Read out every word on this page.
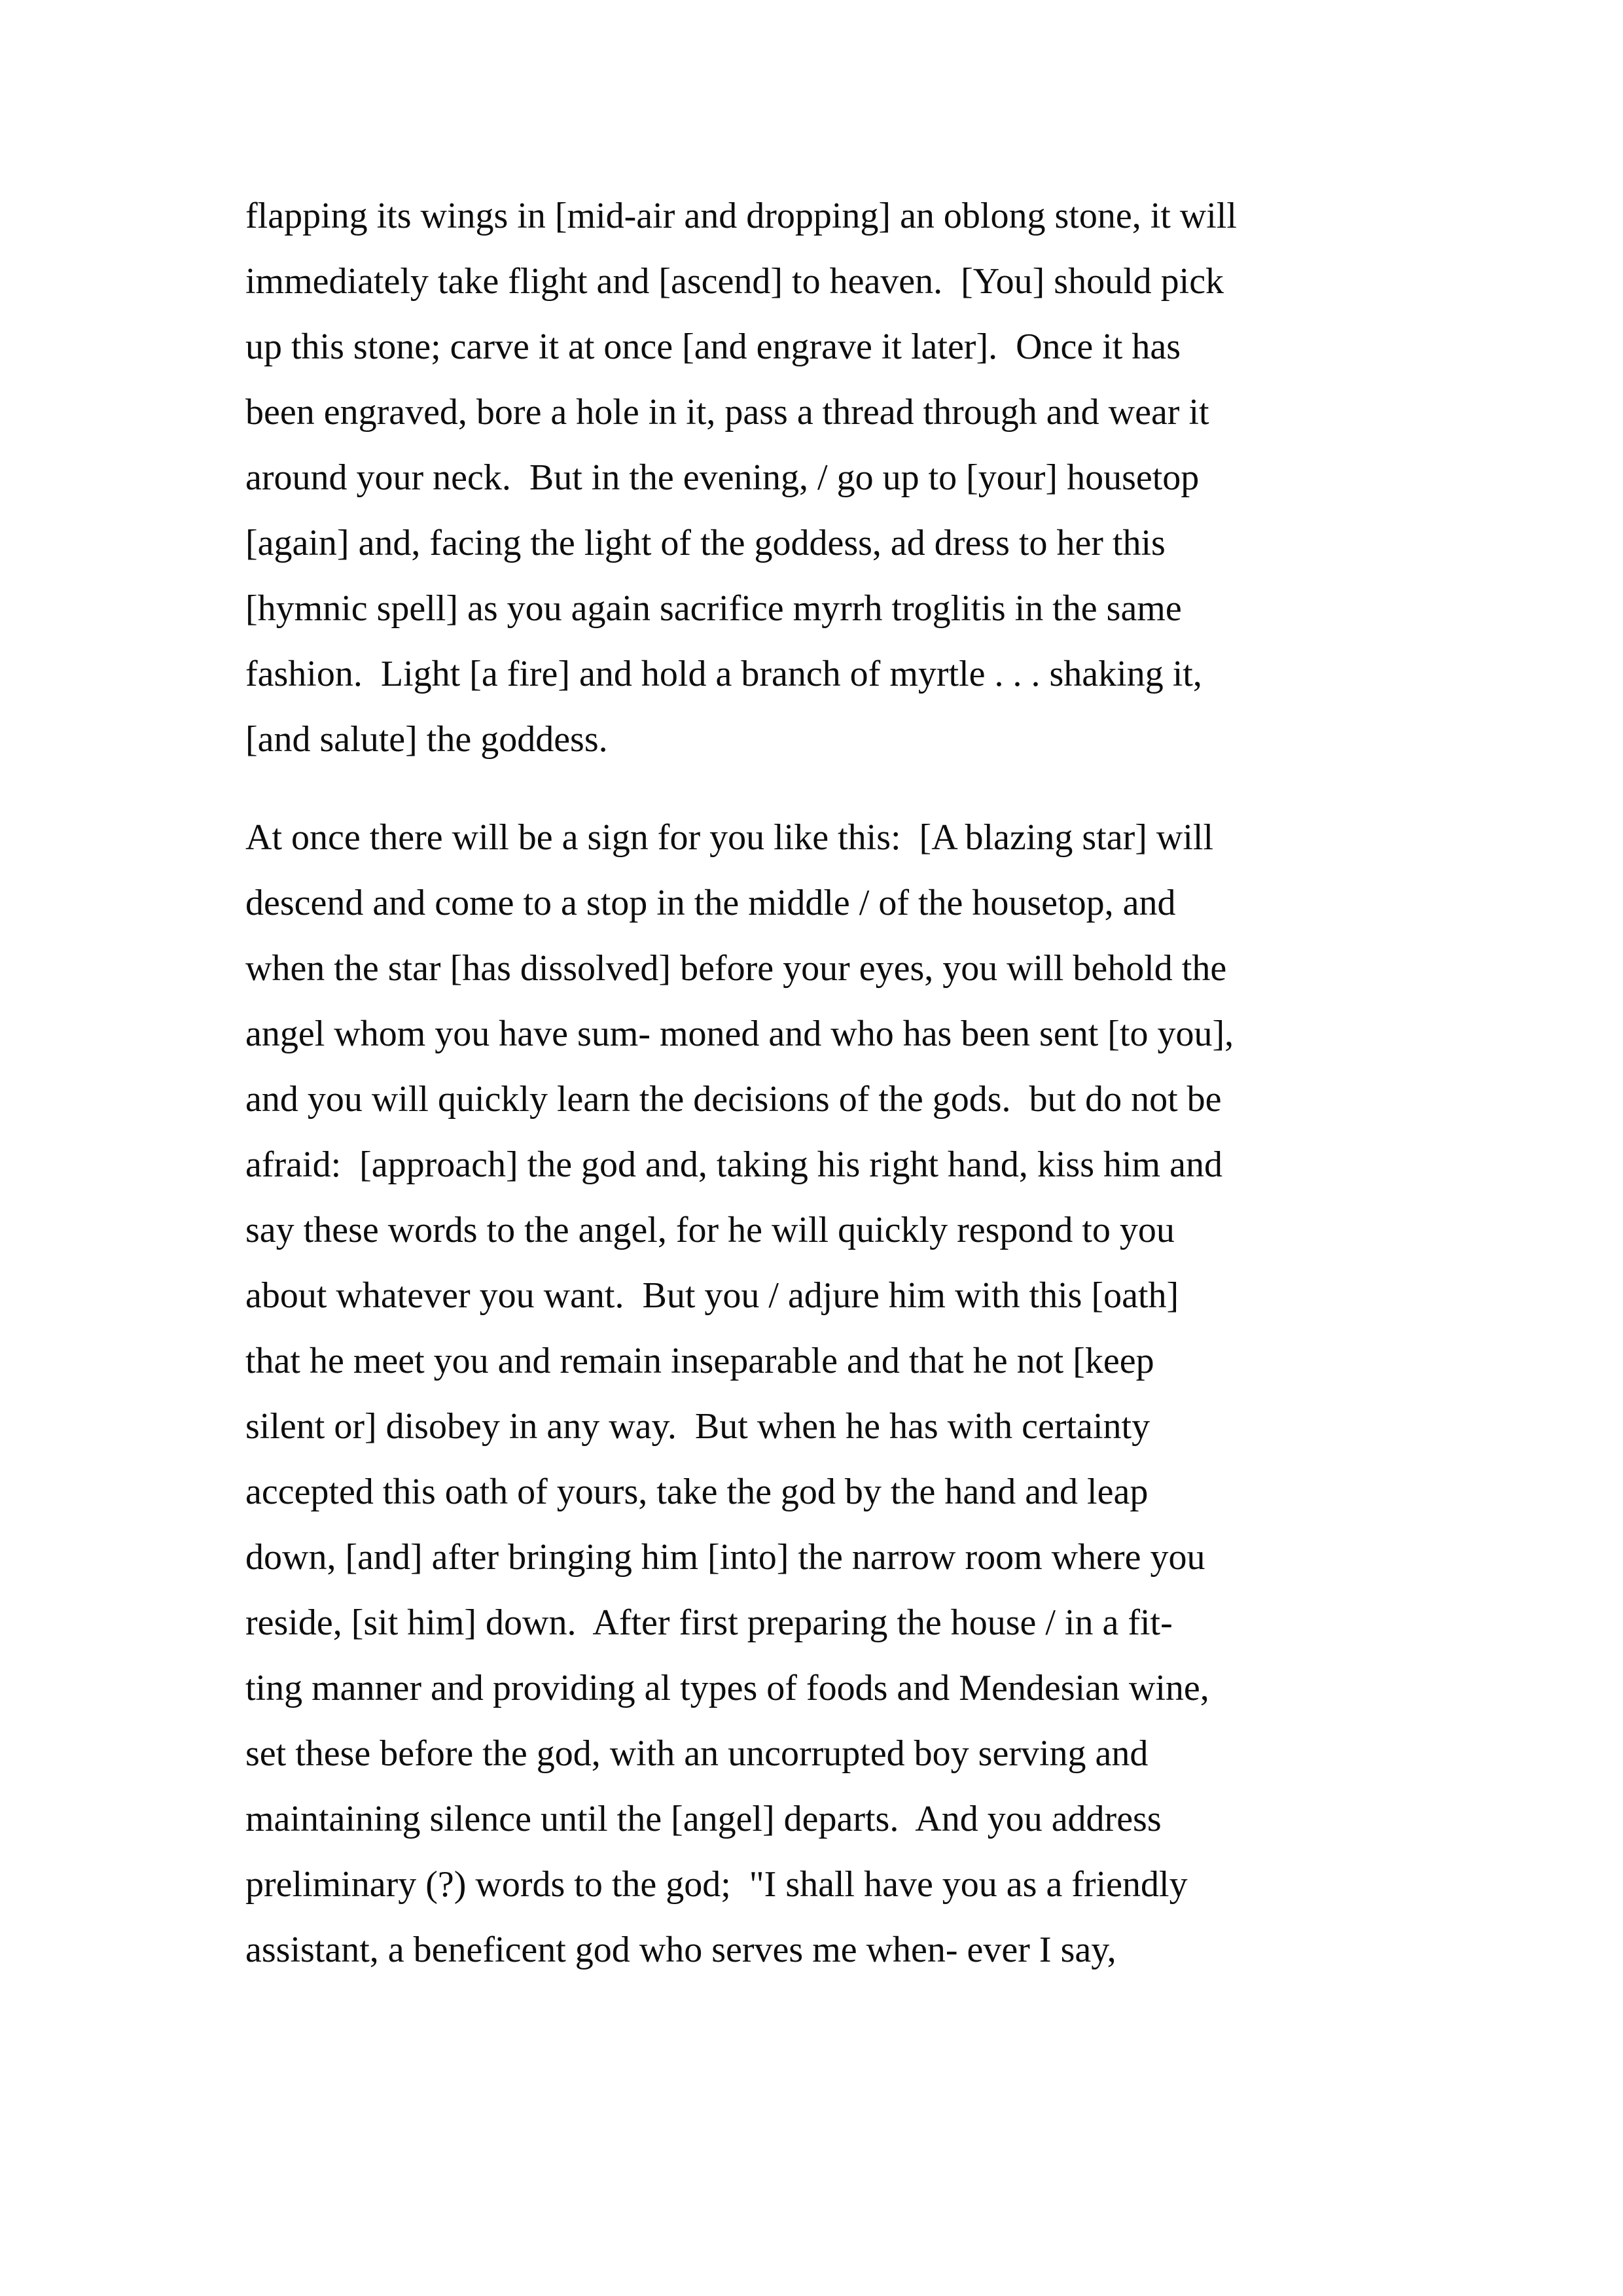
flapping its wings in [mid-air and dropping] an oblong stone, it will
immediately take flight and [ascend] to heaven.  [You] should pick
up this stone; carve it at once [and engrave it later].  Once it has
been engraved, bore a hole in it, pass a thread through and wear it
around your neck.  But in the evening, / go up to [your] housetop
[again] and, facing the light of the goddess, ad dress to her this
[hymnic spell] as you again sacrifice myrrh troglitis in the same
fashion.  Light [a fire] and hold a branch of myrtle . . . shaking it,
[and salute] the goddess.
At once there will be a sign for you like this:  [A blazing star] will
descend and come to a stop in the middle / of the housetop, and
when the star [has dissolved] before your eyes, you will behold the
angel whom you have sum- moned and who has been sent [to you],
and you will quickly learn the decisions of the gods.  but do not be
afraid:  [approach] the god and, taking his right hand, kiss him and
say these words to the angel, for he will quickly respond to you
about whatever you want.  But you / adjure him with this [oath]
that he meet you and remain inseparable and that he not [keep
silent or] disobey in any way.  But when he has with certainty
accepted this oath of yours, take the god by the hand and leap
down, [and] after bringing him [into] the narrow room where you
reside, [sit him] down.  After first preparing the house / in a fit-
ting manner and providing al types of foods and Mendesian wine,
set these before the god, with an uncorrupted boy serving and
maintaining silence until the [angel] departs.  And you address
preliminary (?) words to the god;  "I shall have you as a friendly
assistant, a beneficent god who serves me when- ever I say,
